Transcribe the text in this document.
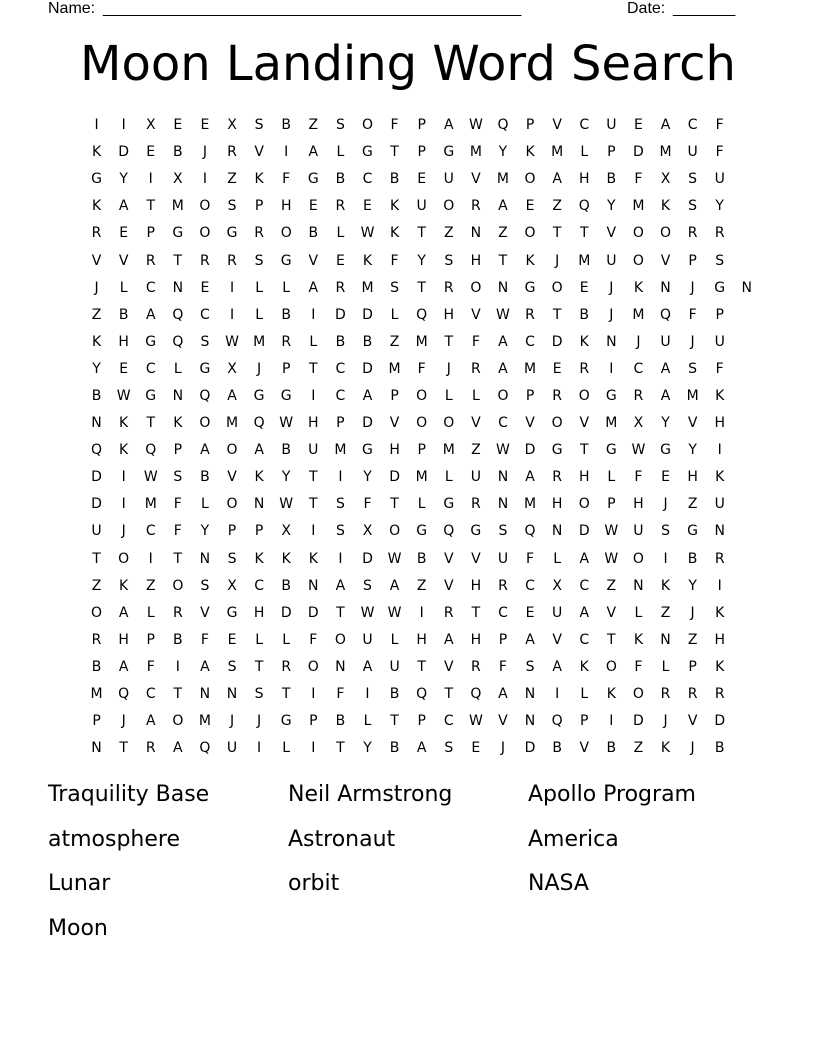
Name: _______________________________________________	Date: _______
Moon Landing Word Search
I	I	X	E	E	X	S	B	Z	S	O	F	P	A	W	Q	P	V	C	U	E	A	C	F
K	D	E	B	J	R	V	I	A	L	G	T	P	G	M	Y	K	M	L	P	D	M	U	F
G	Y	I	X	I	Z	K	F	G	B	C	B	E	U	V	M	O	A	H	B	F	X	S	U
K	A	T	M	O	S	P	H	E	R	E	K	U	O	R	A	E	Z	Q	Y	M	K	S	Y
R	E	P	G	O	G	R	O	B	L	W	K	T	Z	N	Z	O	T	T	V	O	O	R	R
V	V	R	T	R	R	S	G	V	E	K	F	Y	S	H	T	K	J	M	U	O	V	P	S
J	L	C	N	E	I	L	L	A	R	M	S	T	R	O	N	G	O	E	J	K	N	J	G	N
Z	B	A	Q	C	I	L	B	I	D	D	L	Q	H	V	W	R	T	B	J	M	Q	F	P
K	H	G	Q	S	W	M	R	L	B	B	Z	M	T	F	A	C	D	K	N	J	U	J	U
Y	E	C	L	G	X	J	P	T	C	D	M	F	J	R	A	M	E	R	I	C	A	S	F
B	W	G	N	Q	A	G	G	I	C	A	P	O	L	L	O	P	R	O	G	R	A	M	K
N	K	T	K	O	M	Q	W	H	P	D	V	O	O	V	C	V	O	V	M	X	Y	V	H
Q	K	Q	P	A	O	A	B	U	M	G	H	P	M	Z	W	D	G	T	G	W	G	Y	I
D	I	W	S	B	V	K	Y	T	I	Y	D	M	L	U	N	A	R	H	L	F	E	H	K
D	I	M	F	L	O	N	W	T	S	F	T	L	G	R	N	M	H	O	P	H	J	Z	U
U	J	C	F	Y	P	P	X	I	S	X	O	G	Q	G	S	Q	N	D	W	U	S	G	N
T	O	I	T	N	S	K	K	K	I	D	W	B	V	V	U	F	L	A	W	O	I	B	R
Z	K	Z	O	S	X	C	B	N	A	S	A	Z	V	H	R	C	X	C	Z	N	K	Y	I
O	A	L	R	V	G	H	D	D	T	W W	I	R	T	C	E	U	A	V	L	Z	J	K
R	H	P	B	F	E	L	L	F	O	U	L	H	A	H	P	A	V	C	T	K	N	Z	H
B	A	F	I	A	S	T	R	O	N	A	U	T	V	R	F	S	A	K	O	F	L	P	K
M	Q	C	T	N	N	S	T	I	F	I	B	Q	T	Q	A	N	I	L	K	O	R	R	R
P	J	A	O	M	J	J	G	P	B	L	T	P	C	W	V	N	Q	P	I	D	J	V	D
N	T	R	A	Q	U	I	L	I	T	Y	B	A	S	E	J	D	B	V	B	Z	K	J	B
Traquility Base	Neil Armstrong	Apollo Program
atmosphere	Astronaut	America
Lunar	orbit	NASA
Moon
